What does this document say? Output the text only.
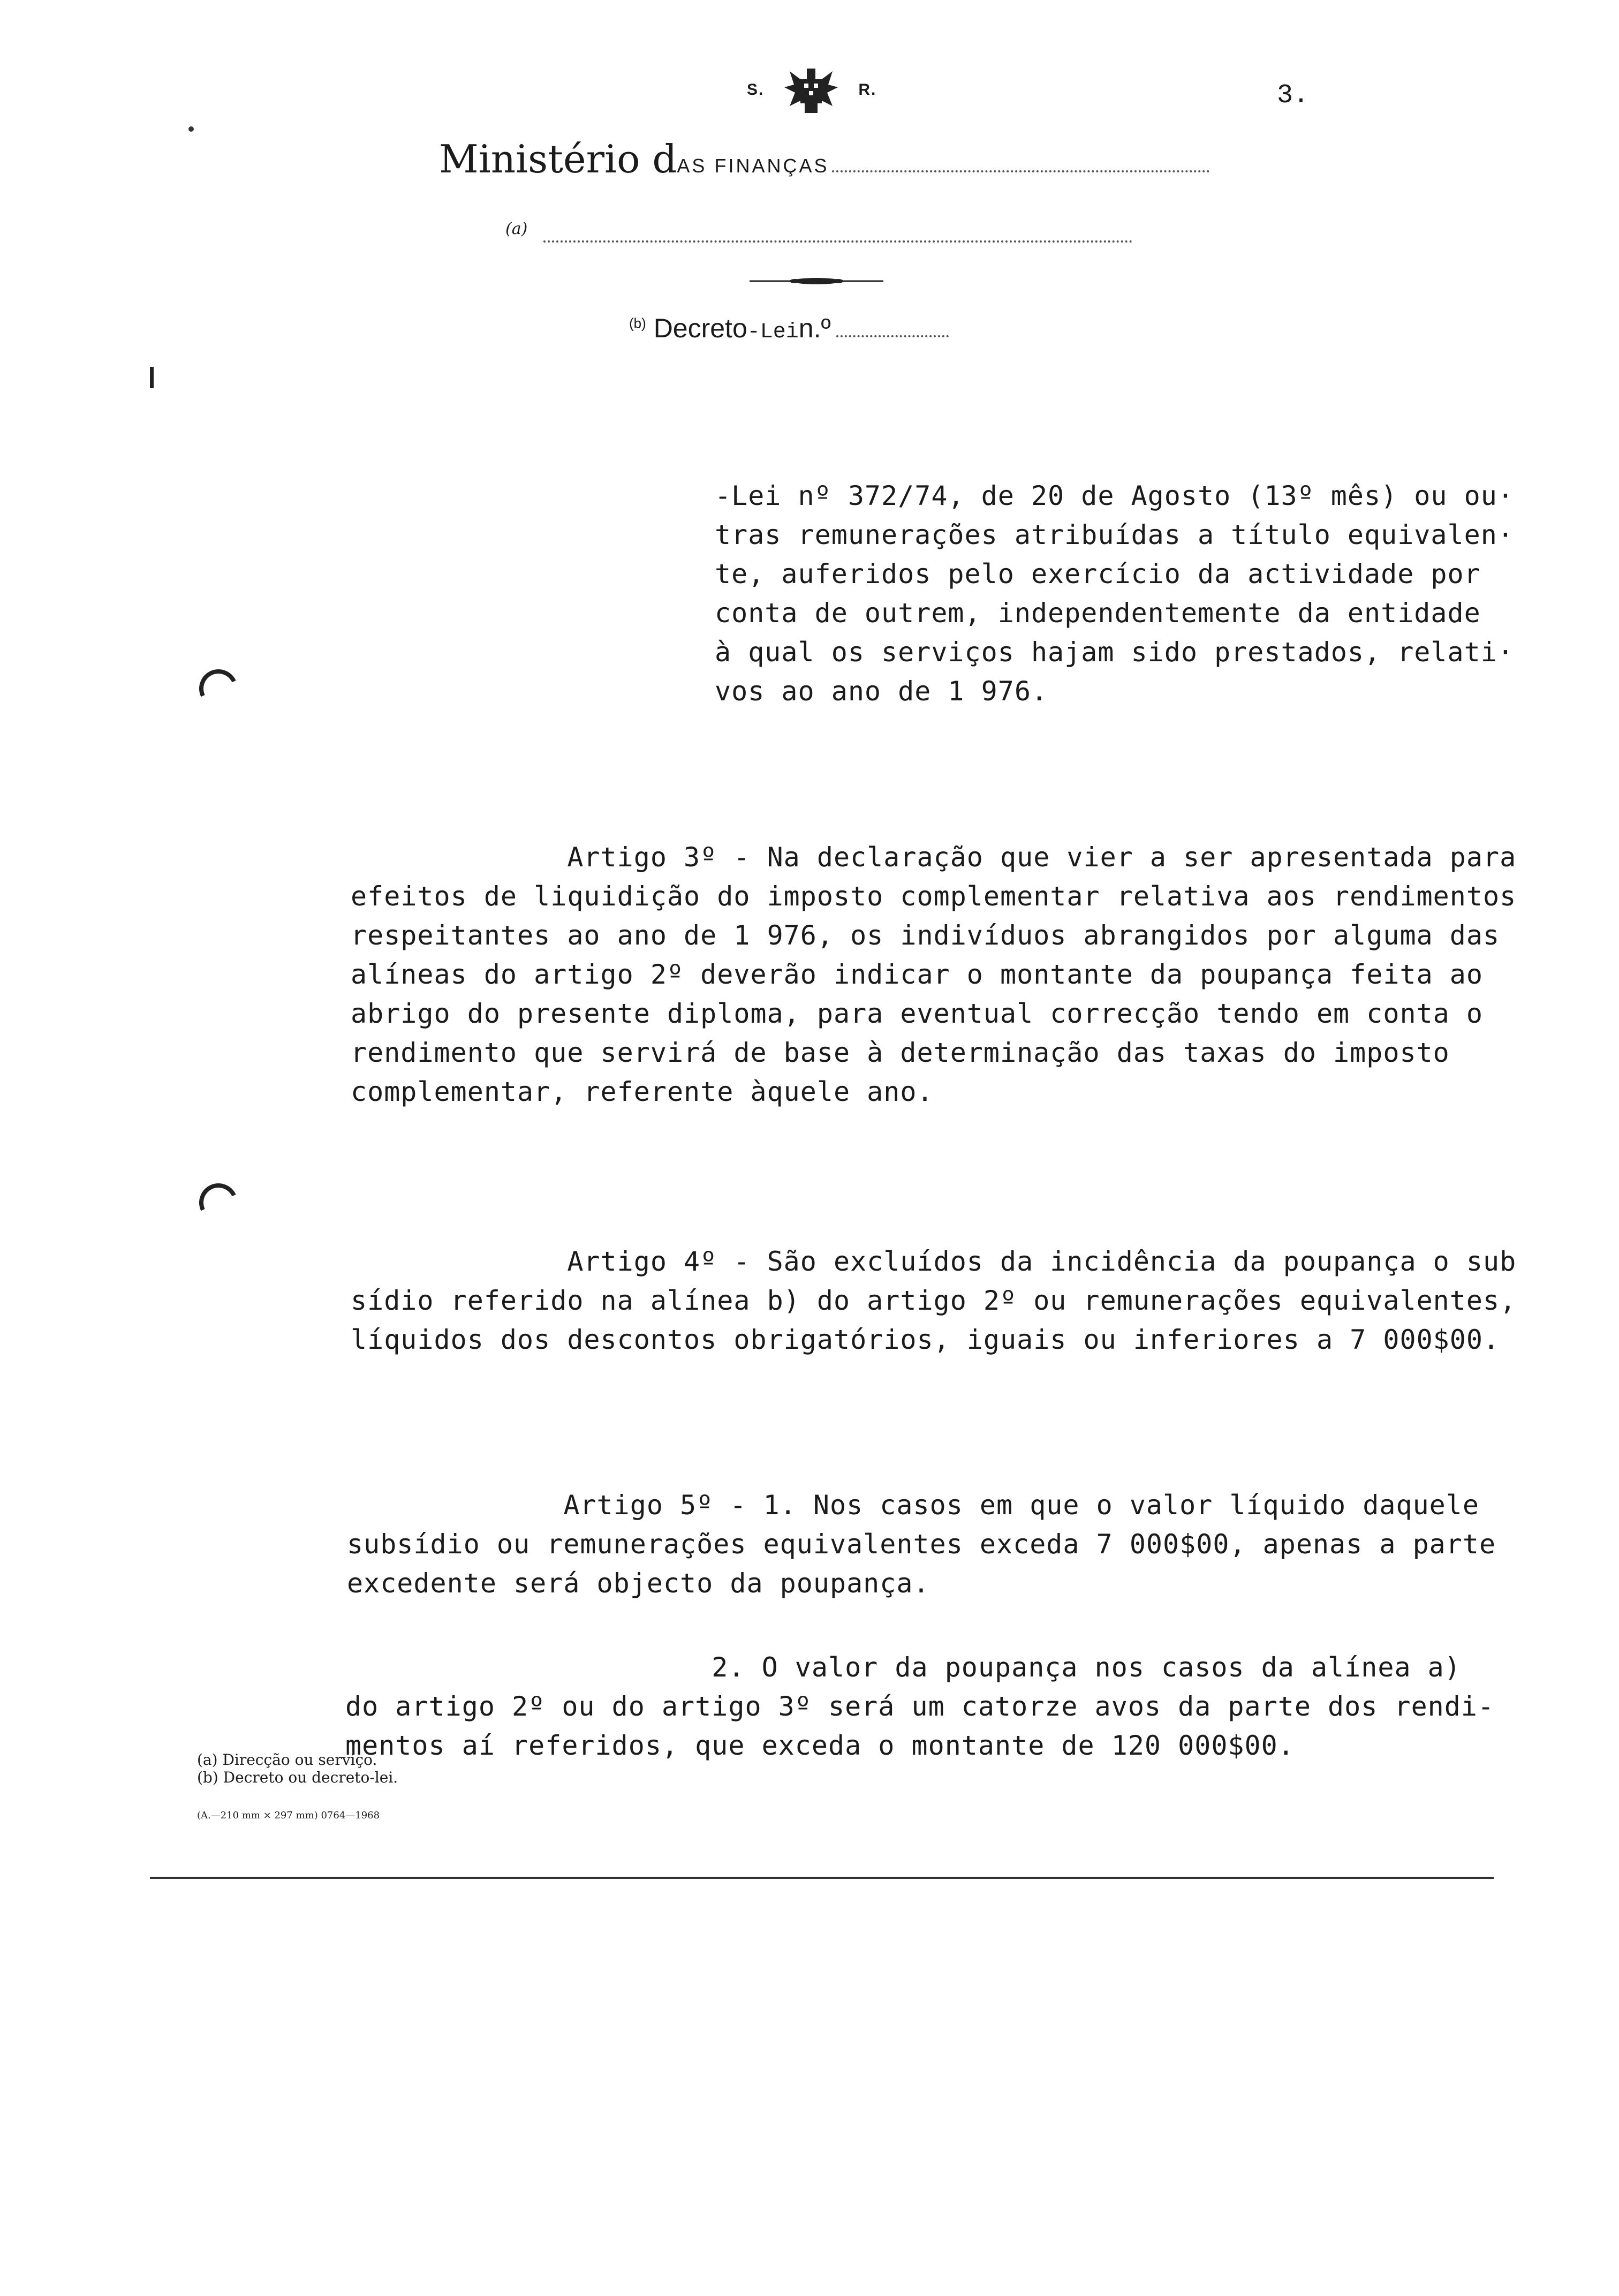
S.	R.	3.
Ministério dAS FINANÇAS
(a)
$^{(b)}$ Decreto-Lein.º
-Lei nº 372/74, de 20 de Agosto (13º mês) ou ou·
tras remunerações atribuídas a título equivalen·
te, auferidos pelo exercício da actividade por
conta de outrem, independentemente da entidade
à qual os serviços hajam sido prestados, relati·
vos ao ano de 1 976.
Artigo 3º - Na declaração que vier a ser apresentada para
efeitos de liquidição do imposto complementar relativa aos rendimentos
respeitantes ao ano de 1 976, os indivíduos abrangidos por alguma das
alíneas do artigo 2º deverão indicar o montante da poupança feita ao
abrigo do presente diploma, para eventual correcção tendo em conta o
rendimento que servirá de base à determinação das taxas do imposto
complementar, referente àquele ano.
Artigo 4º - São excluídos da incidência da poupança o sub
sídio referido na alínea b) do artigo 2º ou remunerações equivalentes,
líquidos dos descontos obrigatórios, iguais ou inferiores a 7 000$00.
Artigo 5º - 1. Nos casos em que o valor líquido daquele
subsídio ou remunerações equivalentes exceda 7 000$00, apenas a parte
excedente será objecto da poupança.
2. O valor da poupança nos casos da alínea a)
do artigo 2º ou do artigo 3º será um catorze avos da parte dos rendi-
mentos aí referidos, que exceda o montante de 120 000$00.
(a) Direcção ou serviço.
(b) Decreto ou decreto-lei.
(A.—210 mm × 297 mm) 0764—1968
